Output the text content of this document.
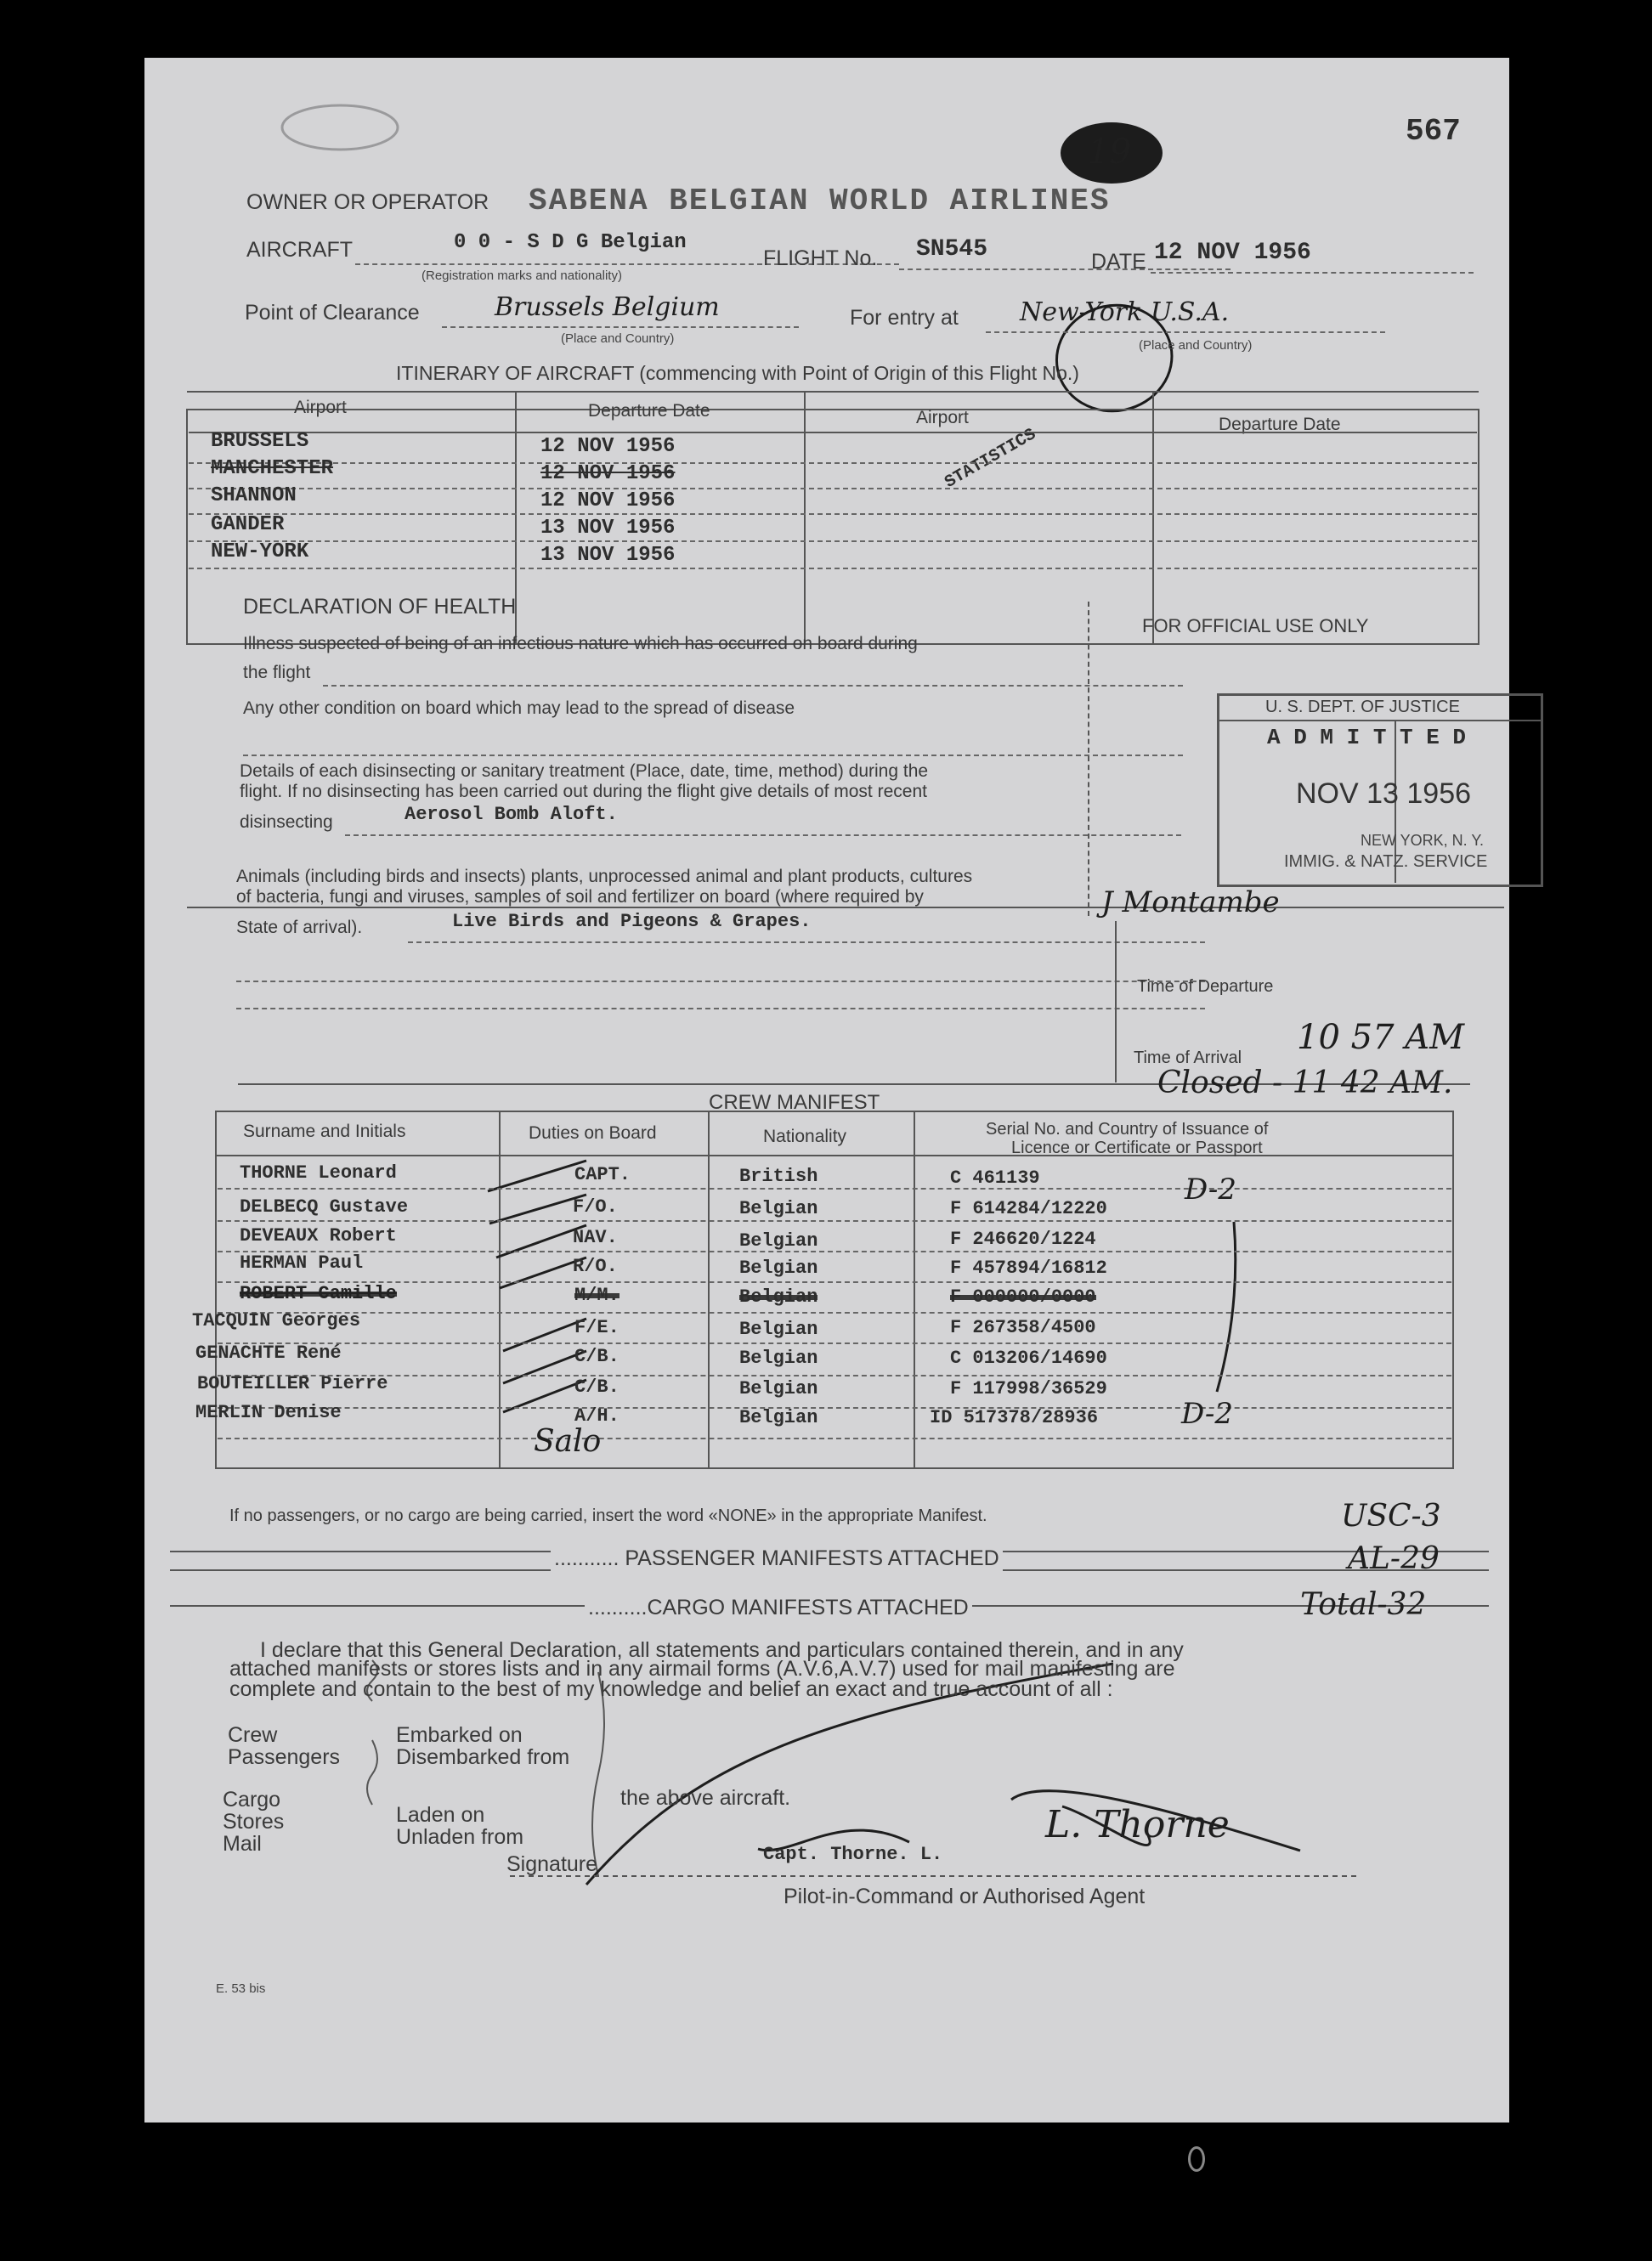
567
19
OWNER OR OPERATOR SABENA BELGIAN WORLD AIRLINES
AIRCRAFT	0 0 - S D G Belgian
(Registration marks and nationality)
FLIGHT No. SN545	DATE 12 NOV 1956
Point of Clearance	Brussels Belgium
(Place and Country)
For entry at New-York U.S.A.
(Place and Country)
ITINERARY OF AIRCRAFT (commencing with Point of Origin of this Flight No.)
Airport	Departure Date	Airport	Departure Date
STATISTICS
BRUSSELS	12 NOV 1956
MANCHESTER	12 NOV 1956
SHANNON	12 NOV 1956
GANDER	13 NOV 1956
NEW-YORK	13 NOV 1956
DECLARATION OF HEALTH
Illness suspected of being of an infectious nature which has occurred on board during
the flight
Any other condition on board which may lead to the spread of disease
Details of each disinsecting or sanitary treatment (Place, date, time, method) during the
flight. If no disinsecting has been carried out during the flight give details of most recent
disinsecting	Aerosol Bomb Aloft.
Animals (including birds and insects) plants, unprocessed animal and plant products, cultures
of bacteria, fungi and viruses, samples of soil and fertilizer on board (where required by
State of arrival).	Live Birds and Pigeons & Grapes.
FOR OFFICIAL USE ONLY
U. S. DEPT. OF JUSTICE
A D M I T T E D
NOV 13 1956
NEW YORK, N. Y.
IMMIG. & NATZ. SERVICE
J Montambe
Time of Departure
Time of Arrival
10 57 AM
Closed - 11 42 AM.
CREW MANIFEST
Surname and Initials	Duties on Board	Nationality	Serial No. and Country of Issuance of
Licence or Certificate or Passport
THORNE Leonard	CAPT.	British	C 461139
DELBECQ Gustave	F/O.	Belgian	F 614284/12220
DEVEAUX Robert	NAV.	Belgian	F 246620/1224
HERMAN Paul	R/O.	Belgian	F 457894/16812
ROBERT Camille	M/M.	Belgian	F 000000/0000
TACQUIN Georges	F/E.	Belgian	F 267358/4500
GENACHTE René	C/B.	Belgian	C 013206/14690
BOUTEILLER Pierre	C/B.	Belgian	F 117998/36529
MERLIN Denise	A/H.	Belgian	ID 517378/28936
D-2
D-2
Salo
If no passengers, or no cargo are being carried, insert the word «NONE» in the appropriate Manifest.
........... PASSENGER MANIFESTS ATTACHED
..........CARGO MANIFESTS ATTACHED
USC-3
AL-29
Total-32
I declare that this General Declaration, all statements and particulars contained therein, and in any
attached manifests or stores lists and in any airmail forms (A.V.6,A.V.7) used for mail manifesting are
complete and contain to the best of my knowledge and belief an exact and true account of all :
Crew
Passengers
Embarked on
Disembarked from
Cargo
Stores
Mail
Laden on
Unladen from
the above aircraft.
L. Thorne
Signature	Capt. Thorne. L.
Pilot-in-Command or Authorised Agent
E. 53 bis
